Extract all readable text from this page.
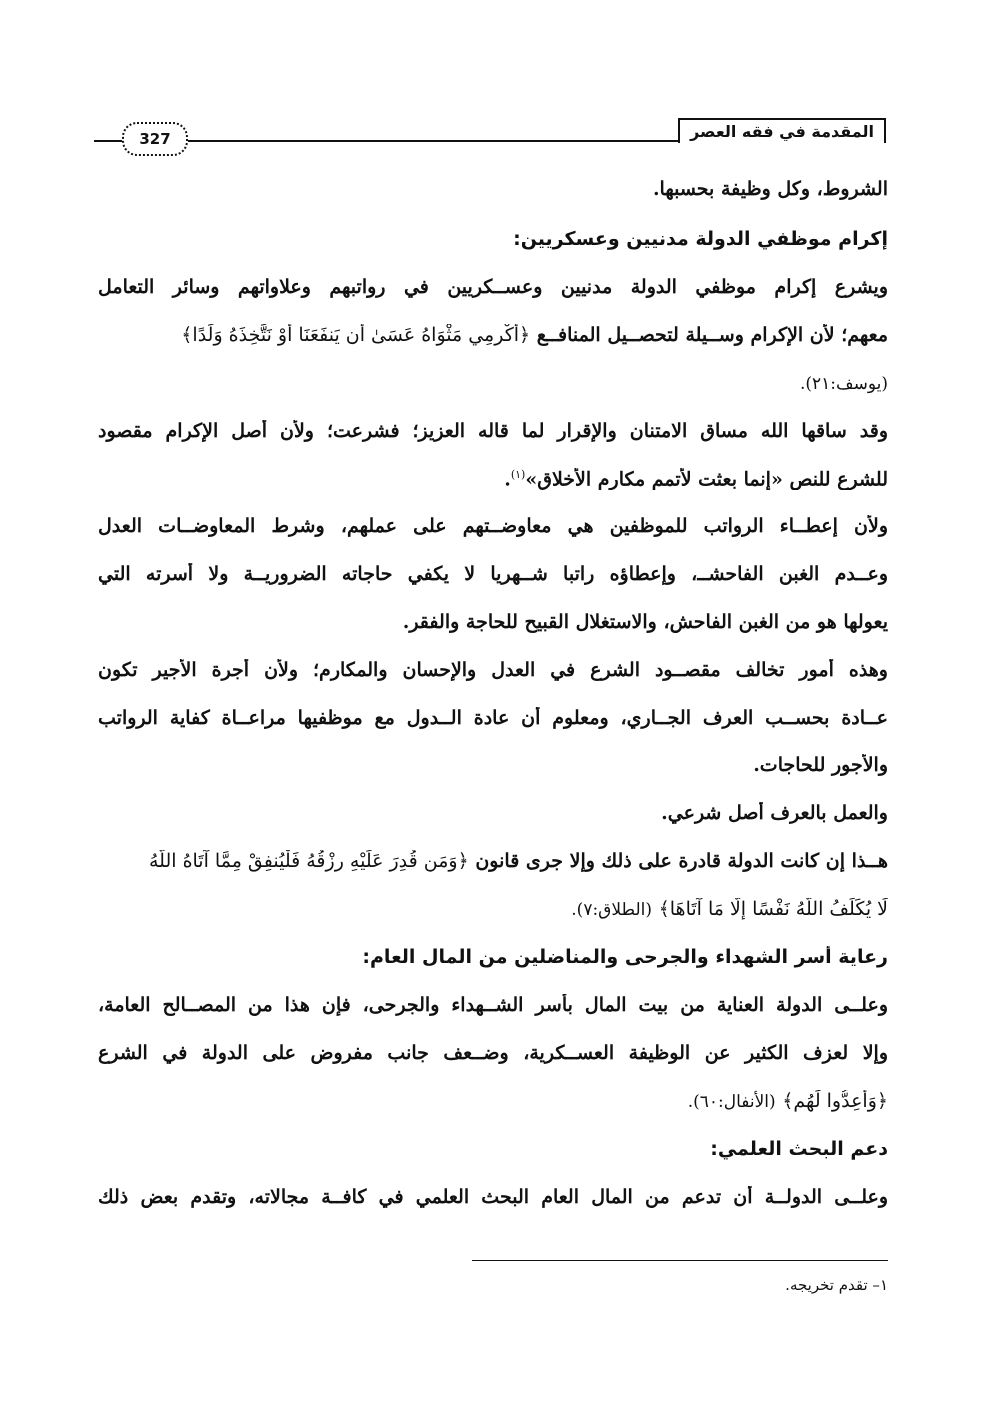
المقدمة في فقه العصر
327
الشروط، وكل وظيفة بحسبها.
إكرام موظفي الدولة مدنيين وعسكريين:
ويشرع إكرام موظفي الدولة مدنيين وعســكريين في رواتبهم وعلاواتهم وسائر التعامل
معهم؛ لأن الإكرام وســيلة لتحصــيل المنافــع ﴿أَكْرِمِي مَثْوَاهُ عَسَىٰ أَن يَنفَعَنَا أَوْ نَتَّخِذَهُ وَلَدًا﴾
(يوسف:٢١).
وقد ساقها الله مساق الامتنان والإقرار لما قاله العزيز؛ فشرعت؛ ولأن أصل الإكرام مقصود
للشرع للنص «إنما بعثت لأتمم مكارم الأخلاق»$^{(١)}$.
ولأن إعطــاء الرواتب للموظفين هي معاوضــتهم على عملهم، وشرط المعاوضــات العدل
وعــدم الغبن الفاحشــ، وإعطاؤه راتبا شــهريا لا يكفي حاجاته الضروريــة ولا أسرته التي
يعولها هو من الغبن الفاحش، والاستغلال القبيح للحاجة والفقر.
وهذه أمور تخالف مقصــود الشرع في العدل والإحسان والمكارم؛ ولأن أجرة الأجير تكون
عــادة بحســب العرف الجــاري، ومعلوم أن عادة الــدول مع موظفيها مراعــاة كفاية الرواتب
والأجور للحاجات.
والعمل بالعرف أصل شرعي.
هــذا إن كانت الدولة قادرة على ذلك وإلا جرى قانون ﴿وَمَن قُدِرَ عَلَيْهِ رِزْقُهُ فَلْيُنفِقْ مِمَّا آتَاهُ اللَّهُ
لَا يُكَلِّفُ اللَّهُ نَفْسًا إِلَّا مَا آتَاهَا﴾ (الطلاق:٧).
رعاية أسر الشهداء والجرحى والمناضلين من المال العام:
وعلــى الدولة العناية من بيت المال بأسر الشــهداء والجرحى، فإن هذا من المصــالح العامة،
وإلا لعزف الكثير عن الوظيفة العســكرية، وضــعف جانب مفروض على الدولة في الشرع
﴿وَأَعِدُّوا لَهُم﴾ (الأنفال:٦٠).
دعم البحث العلمي:
وعلــى الدولــة أن تدعم من المال العام البحث العلمي في كافــة مجالاته، وتقدم بعض ذلك
١– تقدم تخريجه.
